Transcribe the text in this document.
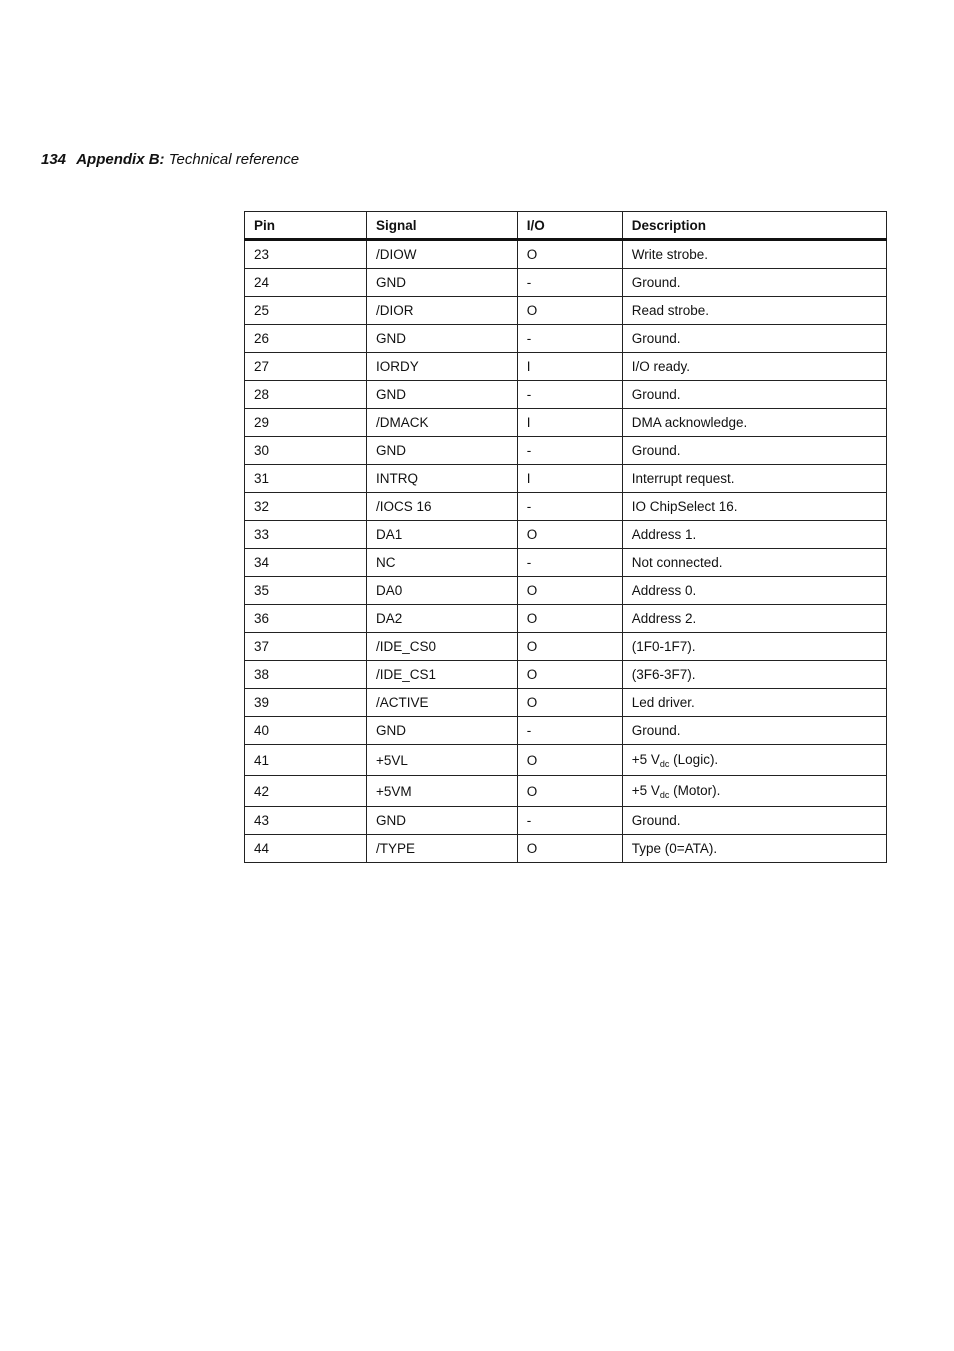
134 Appendix B: Technical reference
Pin	Signal	I/O	Description
23	/DIOW	O	Write strobe.
24	GND	-	Ground.
25	/DIOR	O	Read strobe.
26	GND	-	Ground.
27	IORDY	I	I/O ready.
28	GND	-	Ground.
29	/DMACK	I	DMA acknowledge.
30	GND	-	Ground.
31	INTRQ	I	Interrupt request.
32	/IOCS 16	-	IO ChipSelect 16.
33	DA1	O	Address 1.
34	NC	-	Not connected.
35	DA0	O	Address 0.
36	DA2	O	Address 2.
37	/IDE_CS0	O	(1F0-1F7).
38	/IDE_CS1	O	(3F6-3F7).
39	/ACTIVE	O	Led driver.
40	GND	-	Ground.
41	+5VL	O	+5 $V_{dc}$ (Logic).
42	+5VM	O	+5 $V_{dc}$ (Motor).
43	GND	-	Ground.
44	/TYPE	O	Type (0=ATA).
